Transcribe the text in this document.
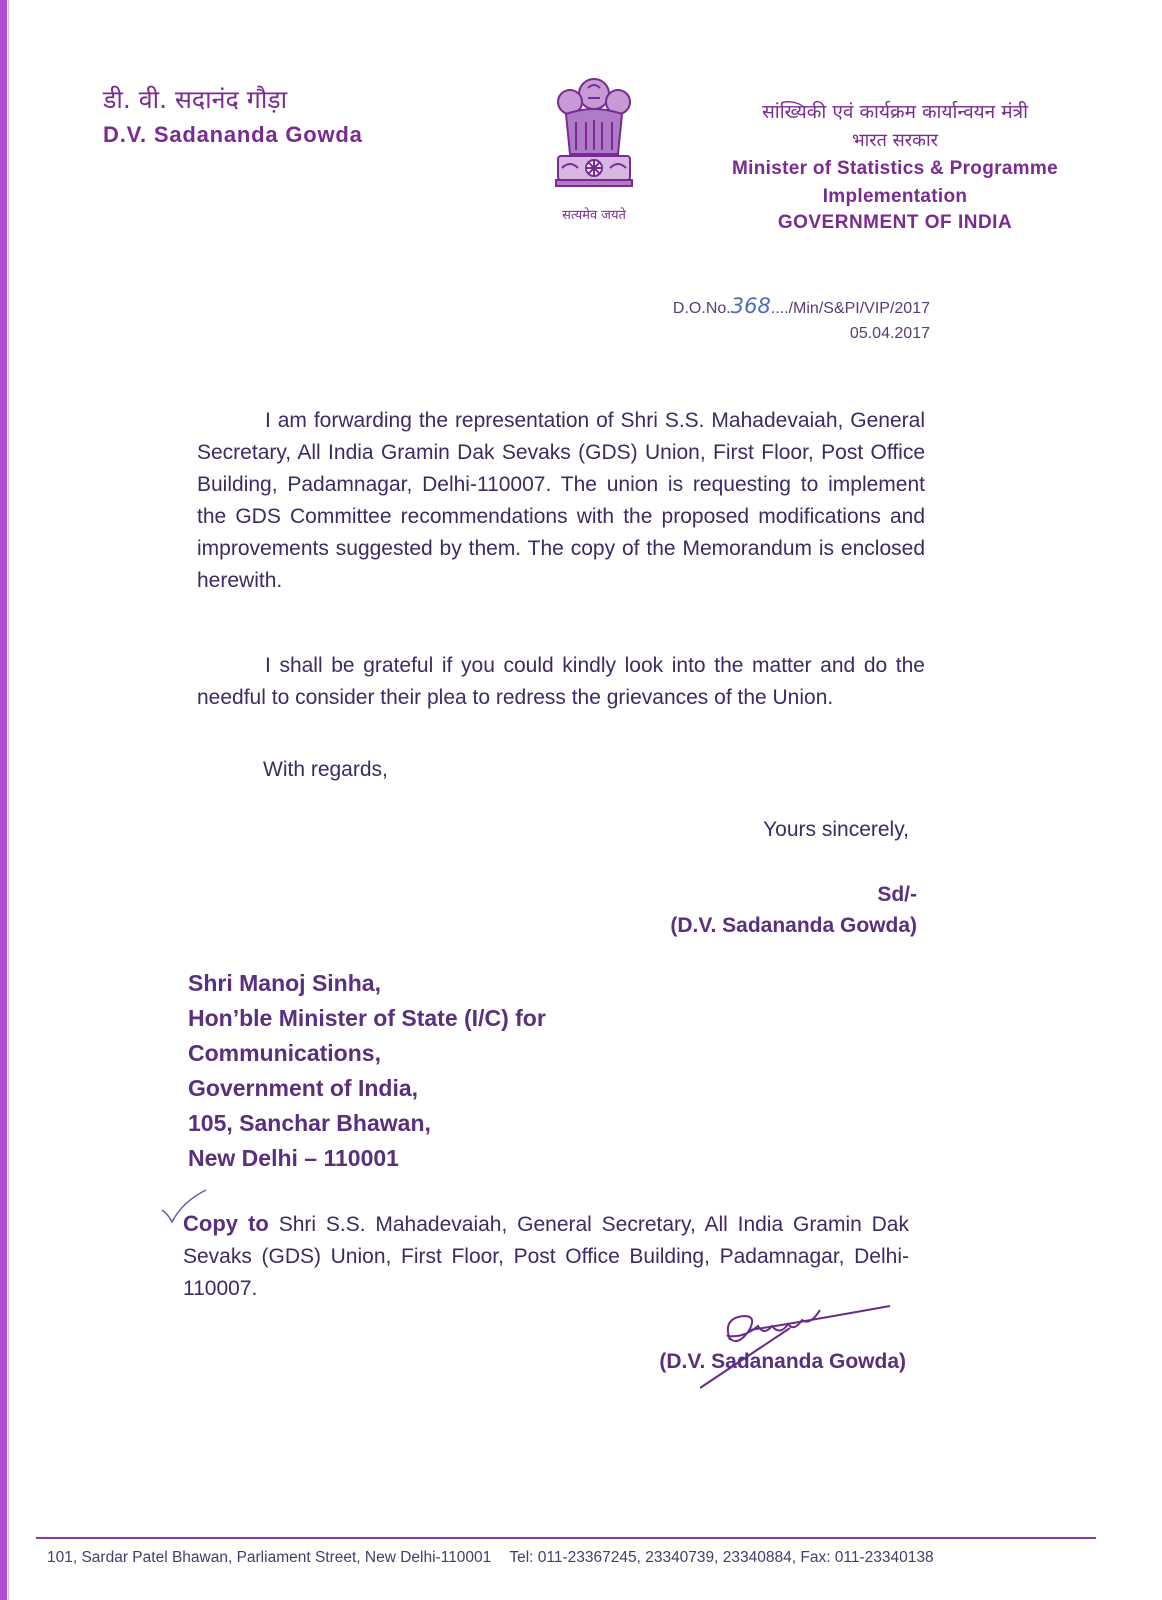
डी. वी. सदानंद गौड़ा
D.V. Sadananda Gowda
सत्यमेव जयते
सांख्यिकी एवं कार्यक्रम कार्यान्वयन मंत्री
भारत सरकार
Minister of Statistics & Programme
Implementation
GOVERNMENT OF INDIA
D.O.No.368..../Min/S&PI/VIP/2017
05.04.2017
I am forwarding the representation of Shri S.S. Mahadevaiah, General Secretary, All India Gramin Dak Sevaks (GDS) Union, First Floor, Post Office Building, Padamnagar, Delhi-110007. The union is requesting to implement the GDS Committee recommendations with the proposed modifications and improvements suggested by them. The copy of the Memorandum is enclosed herewith.
I shall be grateful if you could kindly look into the matter and do the needful to consider their plea to redress the grievances of the Union.
With regards,
Yours sincerely,
Sd/-
(D.V. Sadananda Gowda)
Shri Manoj Sinha,
Hon’ble Minister of State (I/C) for
Communications,
Government of India,
105, Sanchar Bhawan,
New Delhi – 110001
Copy to Shri S.S. Mahadevaiah, General Secretary, All India Gramin Dak Sevaks (GDS) Union, First Floor, Post Office Building, Padamnagar, Delhi-110007.
(D.V. Sadananda Gowda)
101, Sardar Patel Bhawan, Parliament Street, New Delhi-110001 Tel: 011-23367245, 23340739, 23340884, Fax: 011-23340138
